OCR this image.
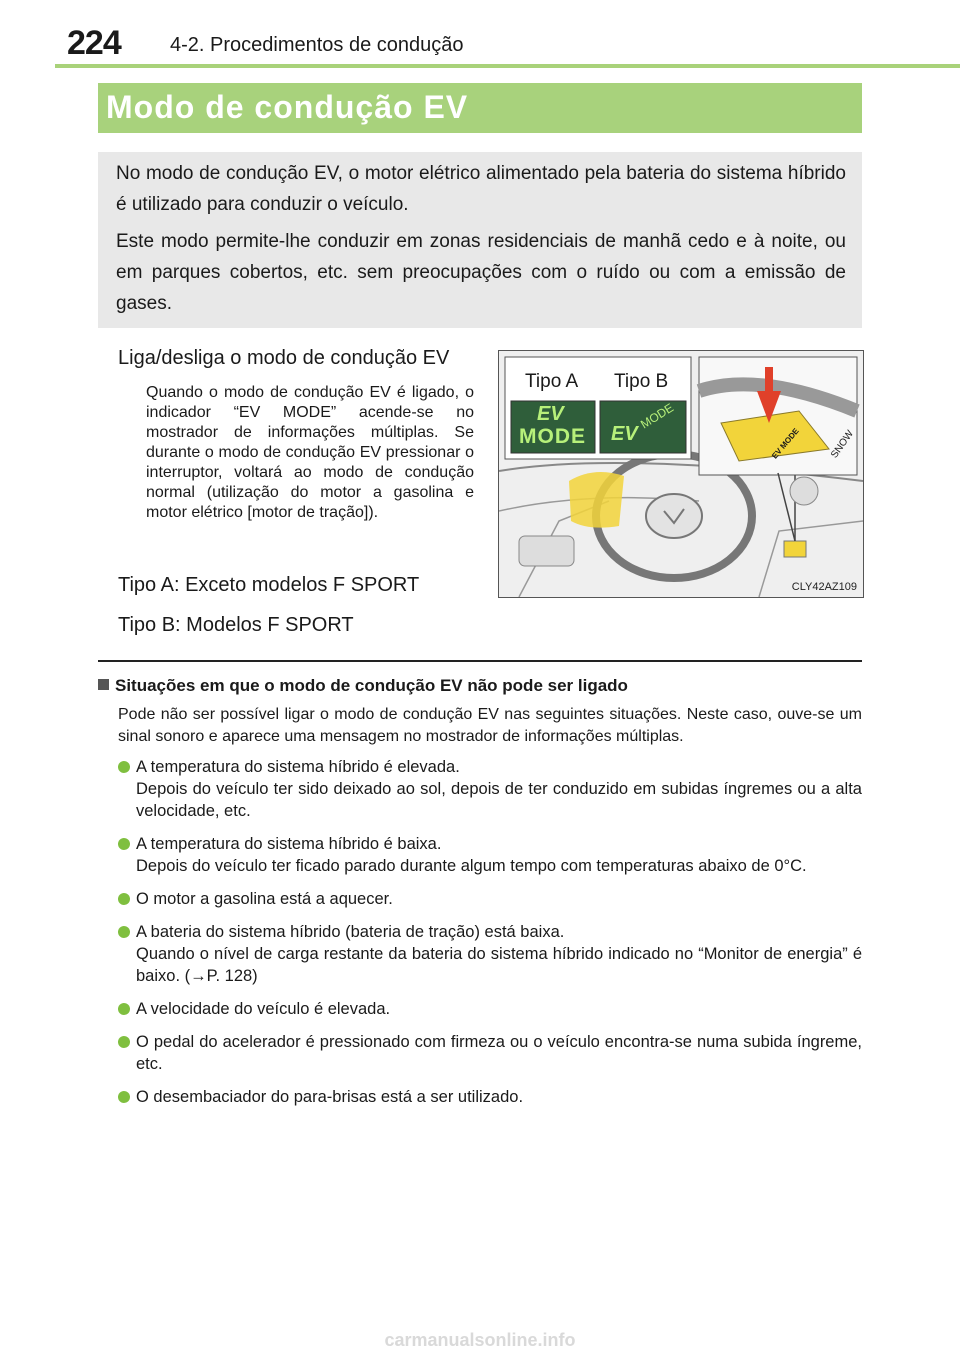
224 4-2. Procedimentos de condução
Modo de condução EV

No modo de condução EV, o motor elétrico alimentado pela bateria do sistema híbrido é utilizado para conduzir o veículo.

Este modo permite-lhe conduzir em zonas residenciais de manhã cedo e à noite, ou em parques cobertos, etc. sem preocupações com o ruído ou com a emissão de gases.

Liga/desliga o modo de condução EV
Quando o modo de condução EV é ligado, o indicador “EV MODE” acende-se no mostrador de informações múltiplas. Se durante o modo de condução EV pressionar o interruptor, voltará ao modo de condução normal (utilização do motor a gasolina e motor elétrico [motor de tração]).
Tipo A: Exceto modelos F SPORT
Tipo B: Modelos F SPORT
Tipo A Tipo B
EV
MODE EV
MODE
EV MODE	SNOW
CLY42AZ109
Situações em que o modo de condução EV não pode ser ligado
Pode não ser possível ligar o modo de condução EV nas seguintes situações. Neste caso, ouve-se um sinal sonoro e aparece uma mensagem no mostrador de informações múltiplas.
A temperatura do sistema híbrido é elevada.
Depois do veículo ter sido deixado ao sol, depois de ter conduzido em subidas íngremes ou a alta velocidade, etc.
A temperatura do sistema híbrido é baixa.
Depois do veículo ter ficado parado durante algum tempo com temperaturas abaixo de 0°C.
O motor a gasolina está a aquecer.
A bateria do sistema híbrido (bateria de tração) está baixa.
Quando o nível de carga restante da bateria do sistema híbrido indicado no “Monitor de energia” é baixo. (→P. 128)
A velocidade do veículo é elevada.
O pedal do acelerador é pressionado com firmeza ou o veículo encontra-se numa subida íngreme, etc.
O desembaciador do para-brisas está a ser utilizado.
carmanualsonline.info
